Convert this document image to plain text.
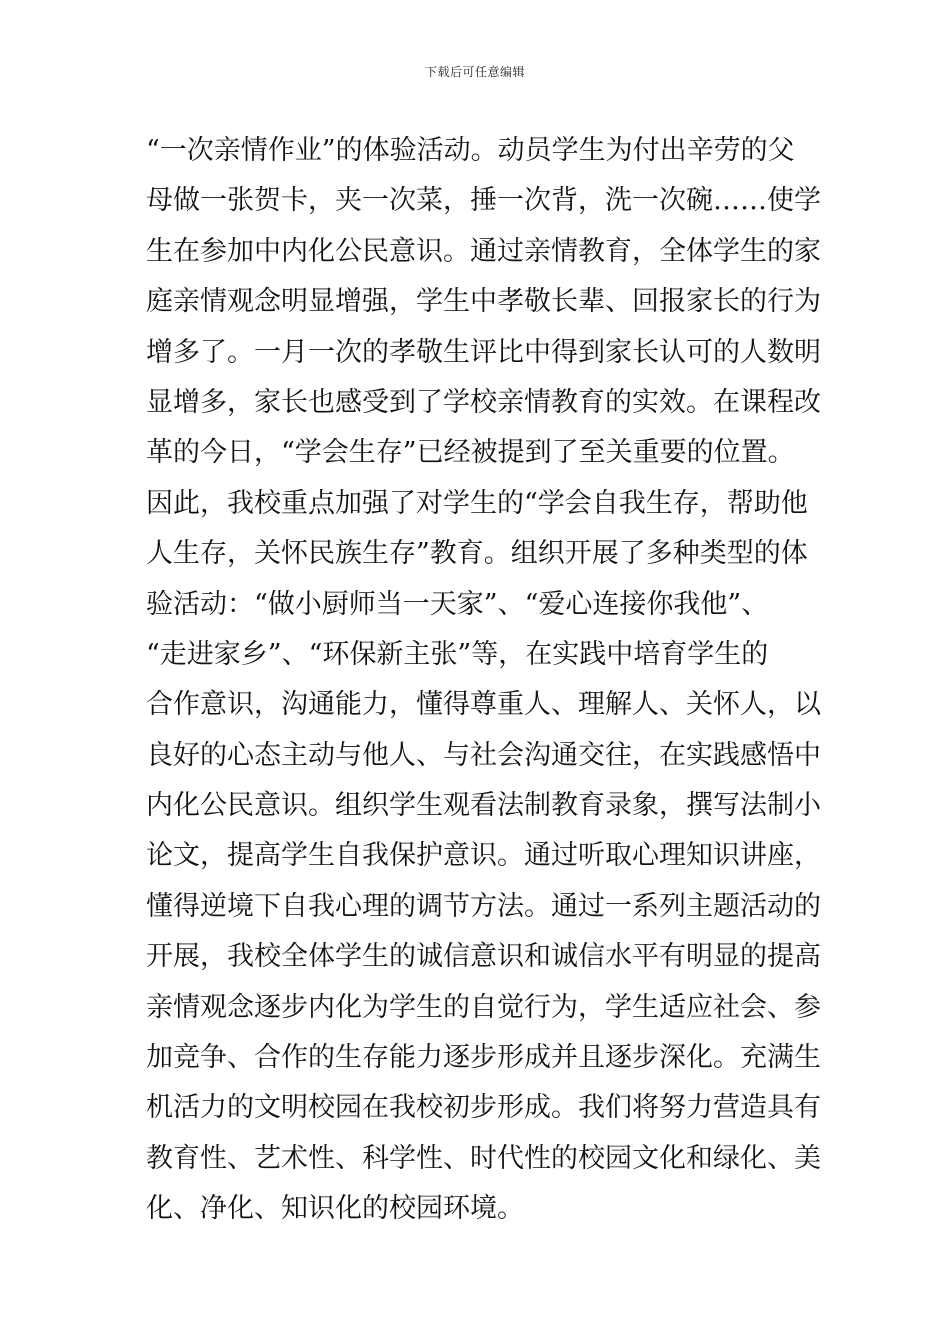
下载后可任意编辑
“一次亲情作业”的体验活动。动员学生为付出辛劳的父
母做一张贺卡，夹一次菜，捶一次背，洗一次碗……使学
生在参加中内化公民意识。通过亲情教育，全体学生的家
庭亲情观念明显增强，学生中孝敬长辈、回报家长的行为
增多了。一月一次的孝敬生评比中得到家长认可的人数明
显增多，家长也感受到了学校亲情教育的实效。在课程改
革的今日，“学会生存”已经被提到了至关重要的位置。
因此，我校重点加强了对学生的“学会自我生存，帮助他
人生存，关怀民族生存”教育。组织开展了多种类型的体
验活动：“做小厨师当一天家”、“爱心连接你我他”、
“走进家乡”、“环保新主张”等，在实践中培育学生的
合作意识，沟通能力，懂得尊重人、理解人、关怀人，以
良好的心态主动与他人、与社会沟通交往，在实践感悟中
内化公民意识。组织学生观看法制教育录象，撰写法制小
论文，提高学生自我保护意识。通过听取心理知识讲座，
懂得逆境下自我心理的调节方法。通过一系列主题活动的
开展，我校全体学生的诚信意识和诚信水平有明显的提高
亲情观念逐步内化为学生的自觉行为，学生适应社会、参
加竞争、合作的生存能力逐步形成并且逐步深化。充满生
机活力的文明校园在我校初步形成。我们将努力营造具有
教育性、艺术性、科学性、时代性的校园文化和绿化、美
化、净化、知识化的校园环境。
